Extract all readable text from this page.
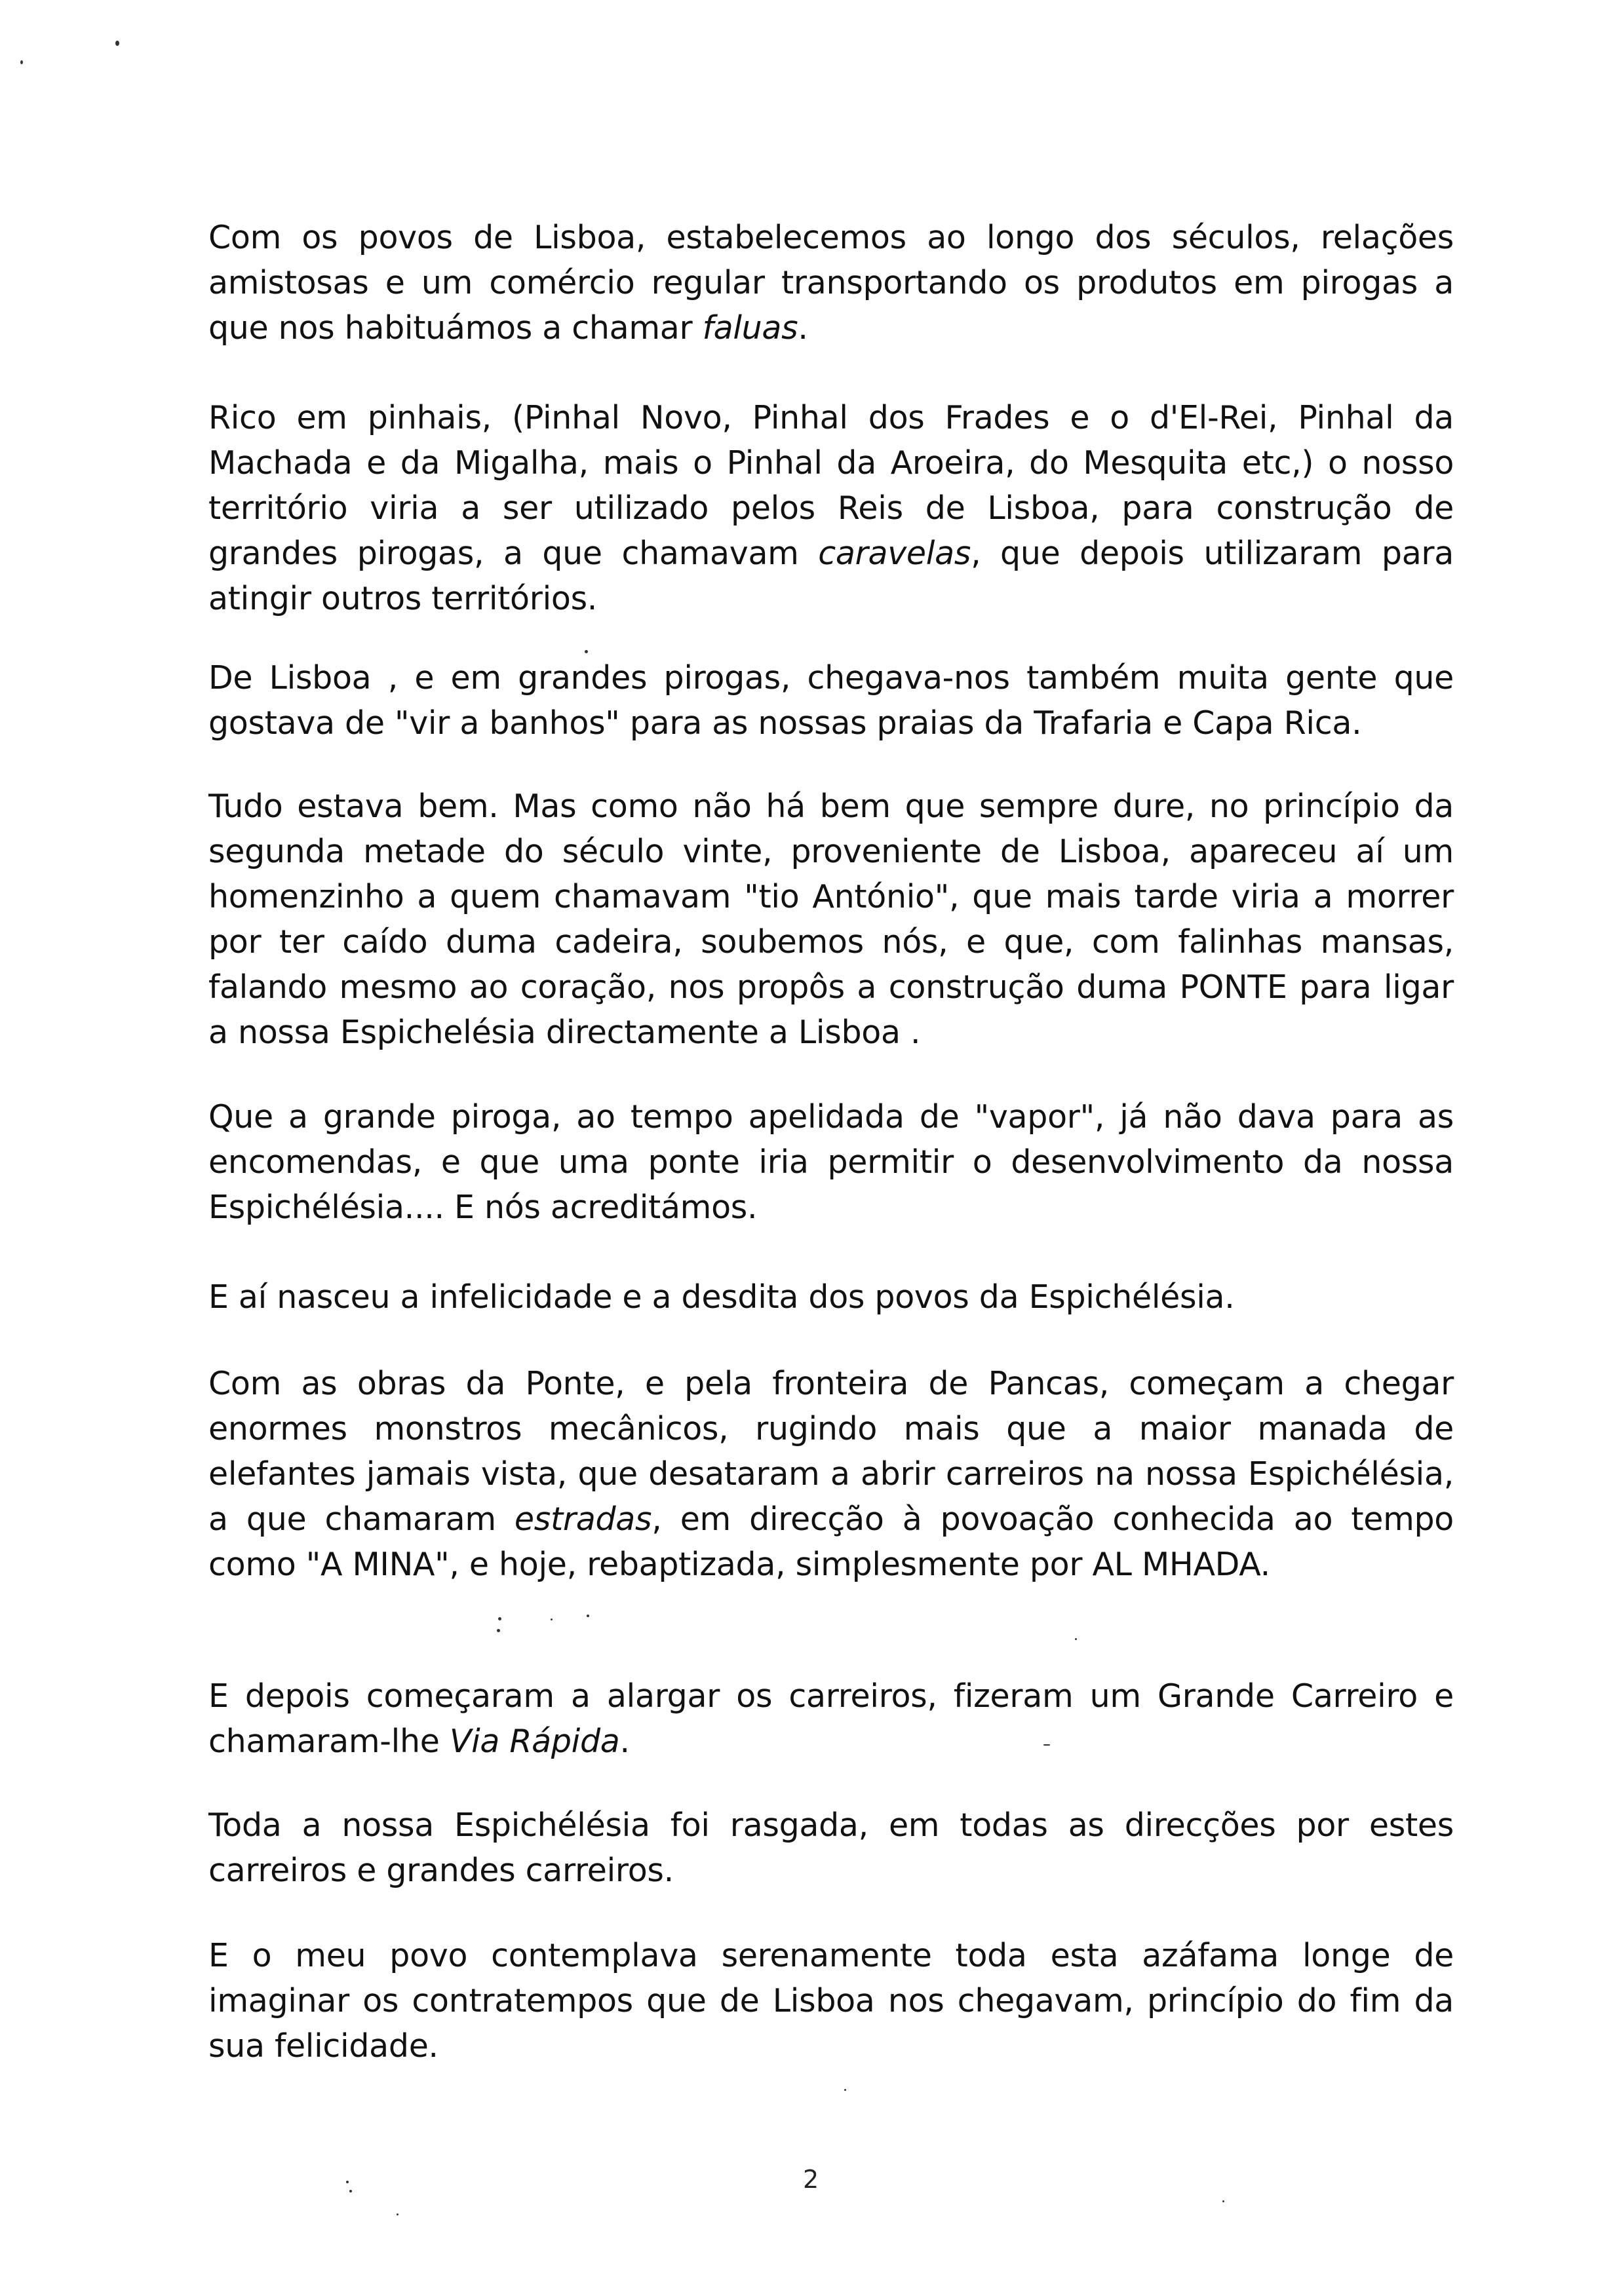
Com os povos de Lisboa, estabelecemos ao longo dos séculos, relações amistosas e um comércio regular transportando os produtos em pirogas a que nos habituámos a chamar faluas.

Rico em pinhais, (Pinhal Novo, Pinhal dos Frades e o d'El-Rei, Pinhal da Machada e da Migalha, mais o Pinhal da Aroeira, do Mesquita etc,) o nosso território viria a ser utilizado pelos Reis de Lisboa, para construção de grandes pirogas, a que chamavam caravelas, que depois utilizaram para atingir outros territórios.

De Lisboa , e em grandes pirogas, chegava-nos também muita gente que gostava de "vir a banhos" para as nossas praias da Trafaria e Capa Rica.

Tudo estava bem. Mas como não há bem que sempre dure, no princípio da segunda metade do século vinte, proveniente de Lisboa, apareceu aí um homenzinho a quem chamavam "tio António", que mais tarde viria a morrer por ter caído duma cadeira, soubemos nós, e que, com falinhas mansas, falando mesmo ao coração, nos propôs a construção duma PONTE para ligar a nossa Espichelésia directamente a Lisboa .

Que a grande piroga, ao tempo apelidada de "vapor", já não dava para as encomendas, e que uma ponte iria permitir o desenvolvimento da nossa Espichélésia.... E nós acreditámos.

E aí nasceu a infelicidade e a desdita dos povos da Espichélésia.

Com as obras da Ponte, e pela fronteira de Pancas, começam a chegar enormes monstros mecânicos, rugindo mais que a maior manada de elefantes jamais vista, que desataram a abrir carreiros na nossa Espichélésia, a que chamaram estradas, em direcção à povoação conhecida ao tempo como "A MINA", e hoje, rebaptizada, simplesmente por AL MHADA.

E depois começaram a alargar os carreiros, fizeram um Grande Carreiro e chamaram-lhe Via Rápida.

Toda a nossa Espichélésia foi rasgada, em todas as direcções por estes carreiros e grandes carreiros.

E o meu povo contemplava serenamente toda esta azáfama longe de imaginar os contratempos que de Lisboa nos chegavam, princípio do fim da sua felicidade.

2
